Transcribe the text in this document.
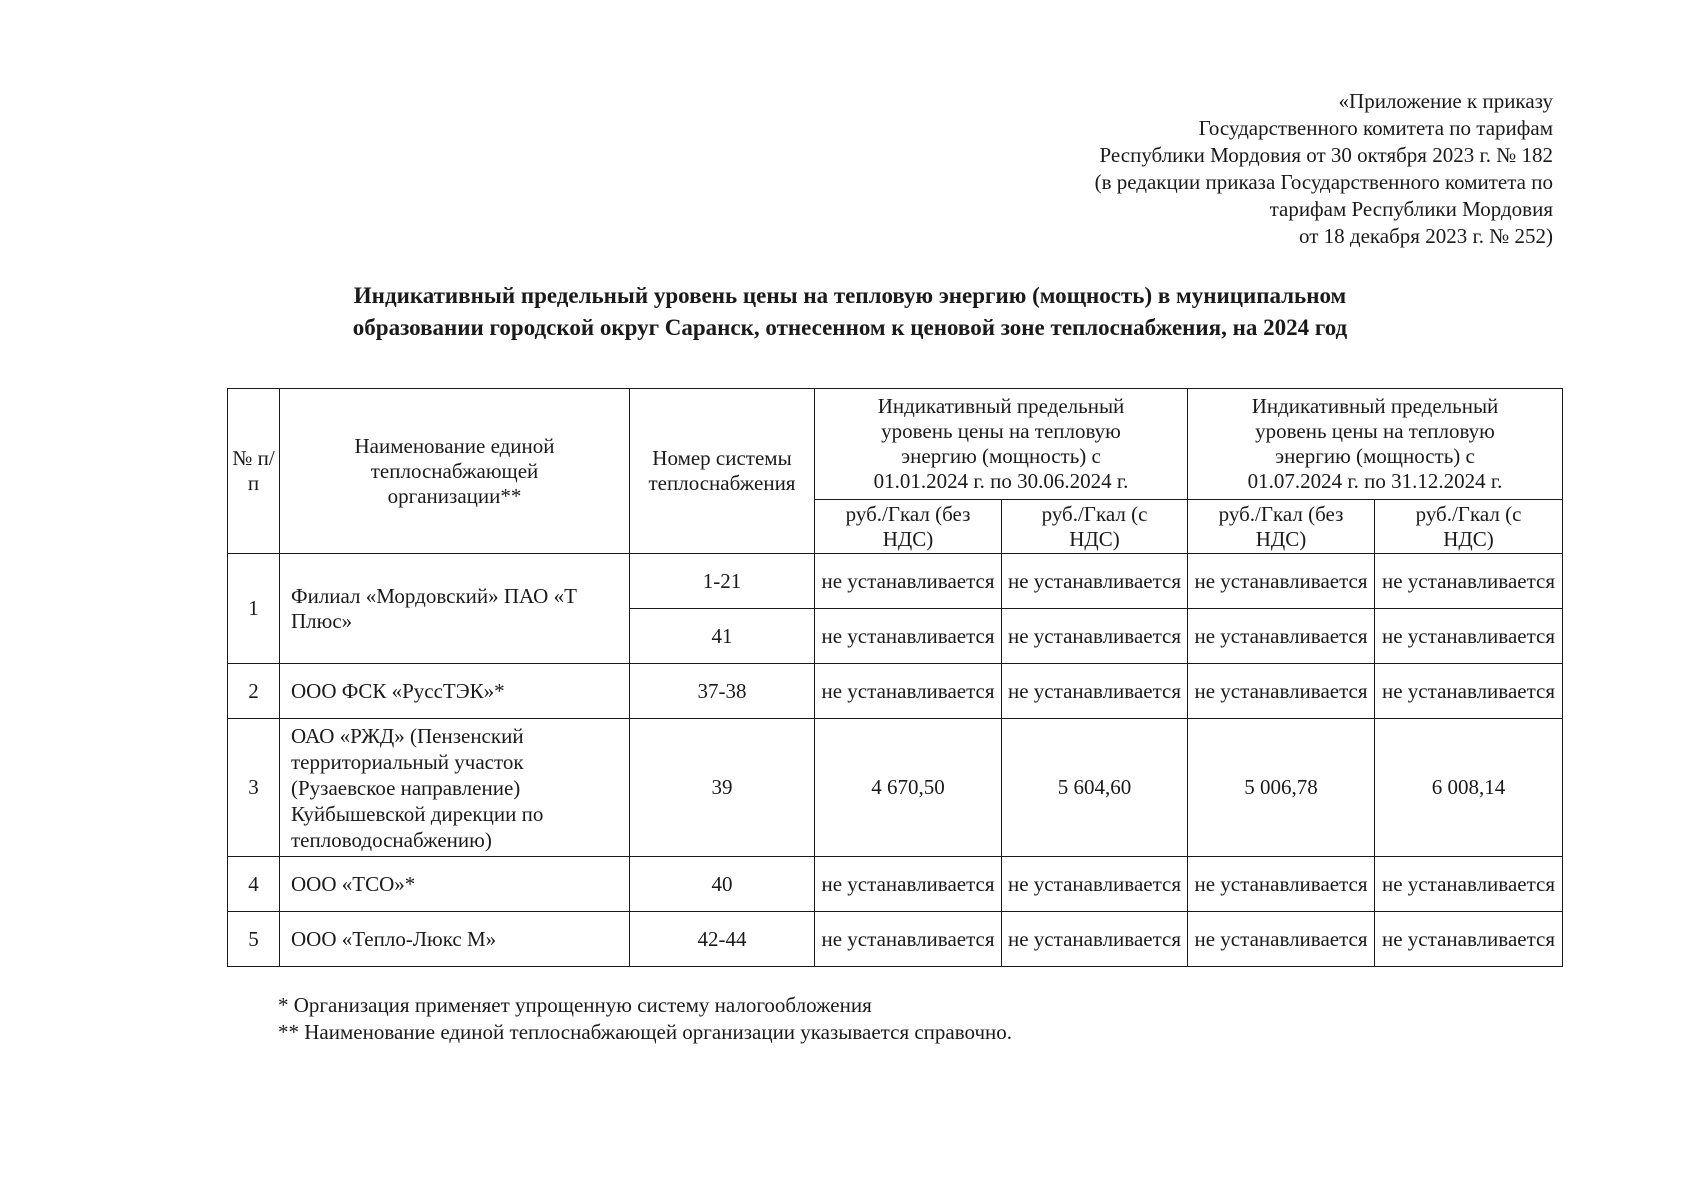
«Приложение к приказу
Государственного комитета по тарифам
Республики Мордовия от 30 октября 2023 г. № 182
(в редакции приказа Государственного комитета по
тарифам Республики Мордовия
от 18 декабря 2023 г. № 252)
Индикативный предельный уровень цены на тепловую энергию (мощность) в муниципальном
образовании городской округ Саранск, отнесенном к ценовой зоне теплоснабжения, на 2024 год
№ п/п	Наименование единой теплоснабжающей организации**	Номер системы теплоснабжения	Индикативный предельный уровень цены на тепловую энергию (мощность) с 01.01.2024 г. по 30.06.2024 г.		Индикативный предельный уровень цены на тепловую энергию (мощность) с 01.07.2024 г. по 31.12.2024 г.	
			руб./Гкал (без НДС)	руб./Гкал (с НДС)	руб./Гкал (без НДС)	руб./Гкал (с НДС)
1	Филиал «Мордовский» ПАО «Т Плюс»	1-21	не устанавливается	не устанавливается	не устанавливается	не устанавливается
		41	не устанавливается	не устанавливается	не устанавливается	не устанавливается
2	ООО ФСК «РуссТЭК»*	37-38	не устанавливается	не устанавливается	не устанавливается	не устанавливается
3	ОАО «РЖД» (Пензенский территориальный участок (Рузаевское направление) Куйбышевской дирекции по тепловодоснабжению)	39	4 670,50	5 604,60	5 006,78	6 008,14
4	ООО «ТСО»*	40	не устанавливается	не устанавливается	не устанавливается	не устанавливается
5	ООО «Тепло-Люкс М»	42-44	не устанавливается	не устанавливается	не устанавливается	не устанавливается
* Организация применяет упрощенную систему налогообложения
** Наименование единой теплоснабжающей организации указывается справочно.
